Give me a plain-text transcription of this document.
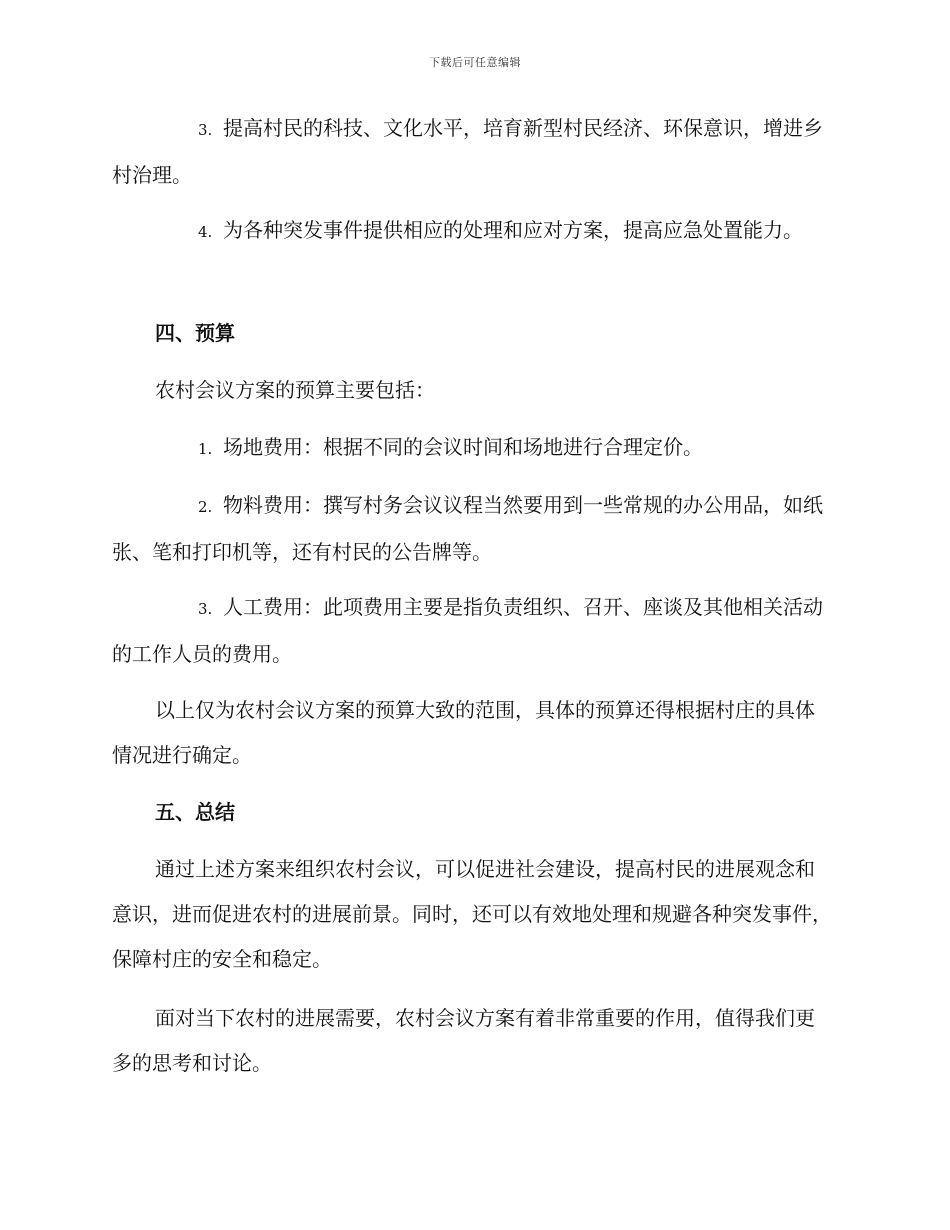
下载后可任意编辑
3. 提高村民的科技、文化水平，培育新型村民经济、环保意识，增进乡村治理。
4. 为各种突发事件提供相应的处理和应对方案，提高应急处置能力。
四、预算
农村会议方案的预算主要包括：
1. 场地费用：根据不同的会议时间和场地进行合理定价。
2. 物料费用：撰写村务会议议程当然要用到一些常规的办公用品，如纸张、笔和打印机等，还有村民的公告牌等。
3. 人工费用：此项费用主要是指负责组织、召开、座谈及其他相关活动的工作人员的费用。
以上仅为农村会议方案的预算大致的范围，具体的预算还得根据村庄的具体情况进行确定。
五、总结
通过上述方案来组织农村会议，可以促进社会建设，提高村民的进展观念和意识，进而促进农村的进展前景。同时，还可以有效地处理和规避各种突发事件，保障村庄的安全和稳定。
面对当下农村的进展需要，农村会议方案有着非常重要的作用，值得我们更多的思考和讨论。
